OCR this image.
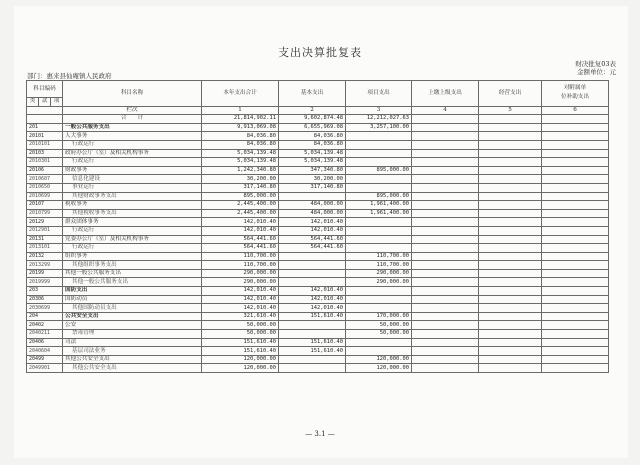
支出决算批复表
财决批复03表
金额单位：元
部门：惠来县仙庵镇人民政府
科目编码			科目名称	本年支出合计	基本支出	项目支出	上缴上级支出	经营支出	对附属单
位补助支出
类	款	项							
			栏次	1	2	3	4	5	6
			合　　计	21,814,902.11	9,602,874.48	12,212,027.63			
201			一般公共服务支出	9,913,069.08	6,655,969.08	3,257,100.00			
20101			人大事务	84,036.80	84,036.80				
2010101			行政运行	84,036.80	84,036.80				
20103			政府办公厅（室）及相关机构事务	5,034,139.48	5,034,139.48				
2010301			行政运行	5,034,139.48	5,034,139.48				
20106			财政事务	1,242,340.80	347,340.80	895,000.00			
2010607			信息化建设	30,200.00	30,200.00				
2010650			事业运行	317,140.80	317,140.80				
2010699			其他财政事务支出	895,000.00		895,000.00			
20107			税收事务	2,445,400.00	484,000.00	1,961,400.00			
2010799			其他税收事务支出	2,445,400.00	484,000.00	1,961,400.00			
20129			群众团体事务	142,010.40	142,010.40				
2012901			行政运行	142,010.40	142,010.40				
20131			党委办公厅（室）及相关机构事务	564,441.60	564,441.60				
2013101			行政运行	564,441.60	564,441.60				
20132			组织事务	110,700.00		110,700.00			
2013299			其他组织事务支出	110,700.00		110,700.00			
20199			其他一般公共服务支出	290,000.00		290,000.00			
2019999			其他一般公共服务支出	290,000.00		290,000.00			
203			国防支出	142,010.40	142,010.40				
20306			国防动员	142,010.40	142,010.40				
2030699			其他国防动员支出	142,010.40	142,010.40				
204			公共安全支出	321,610.40	151,610.40	170,000.00			
20402			公安	50,000.00		50,000.00			
2040211			禁毒管理	50,000.00		50,000.00			
20406			司法	151,610.40	151,610.40				
2040604			基层司法业务	151,610.40	151,610.40				
20499			其他公共安全支出	120,000.00		120,000.00			
2049901			其他公共安全支出	120,000.00		120,000.00			
— 3.1 —
